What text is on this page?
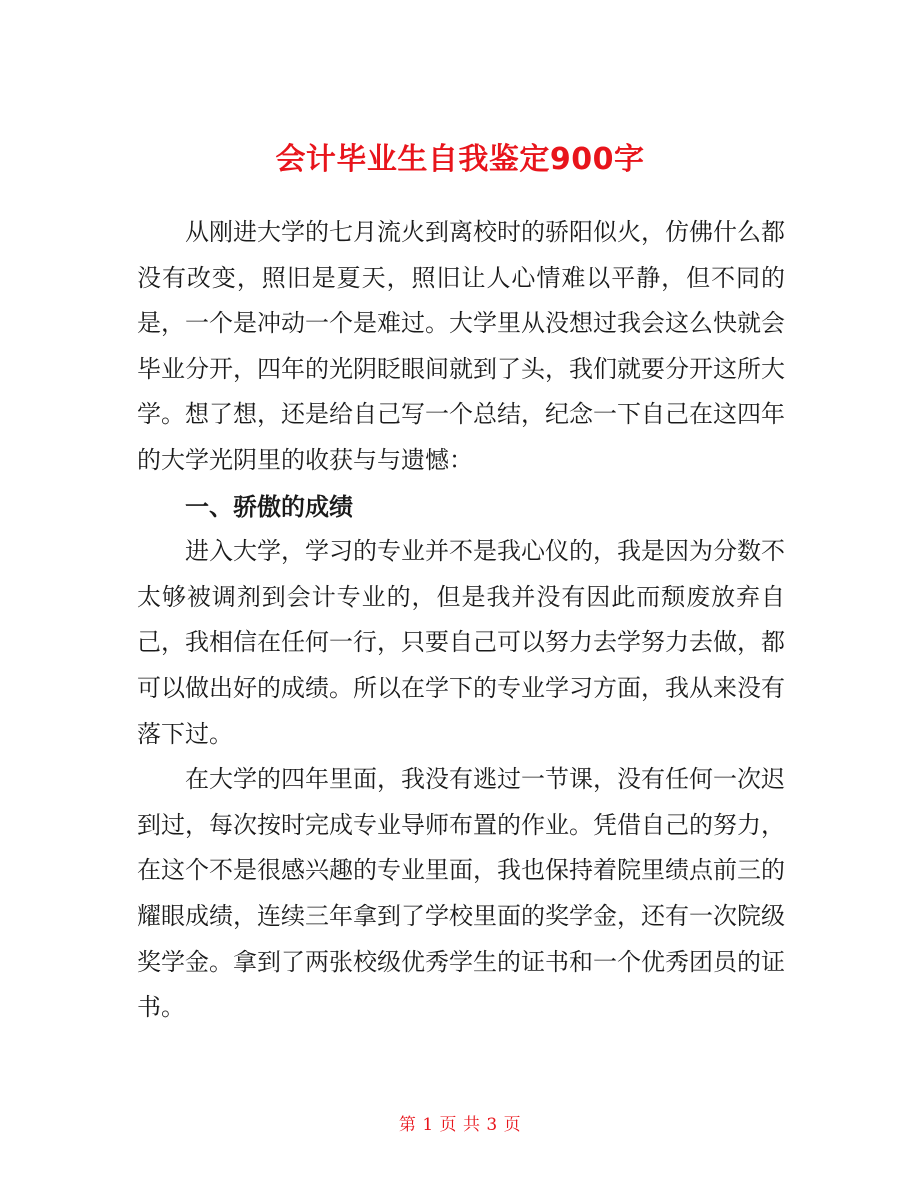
会计毕业生自我鉴定900字

从刚进大学的七月流火到离校时的骄阳似火，仿佛什么都没有改变，照旧是夏天，照旧让人心情难以平静，但不同的是，一个是冲动一个是难过。大学里从没想过我会这么快就会毕业分开，四年的光阴眨眼间就到了头，我们就要分开这所大学。想了想，还是给自己写一个总结，纪念一下自己在这四年的大学光阴里的收获与与遗憾：

一、骄傲的成绩

进入大学，学习的专业并不是我心仪的，我是因为分数不太够被调剂到会计专业的，但是我并没有因此而颓废放弃自己，我相信在任何一行，只要自己可以努力去学努力去做，都可以做出好的成绩。所以在学下的专业学习方面，我从来没有落下过。

在大学的四年里面，我没有逃过一节课，没有任何一次迟到过，每次按时完成专业导师布置的作业。凭借自己的努力，在这个不是很感兴趣的专业里面，我也保持着院里绩点前三的耀眼成绩，连续三年拿到了学校里面的奖学金，还有一次院级奖学金。拿到了两张校级优秀学生的证书和一个优秀团员的证书。

第 1 页 共 3 页
